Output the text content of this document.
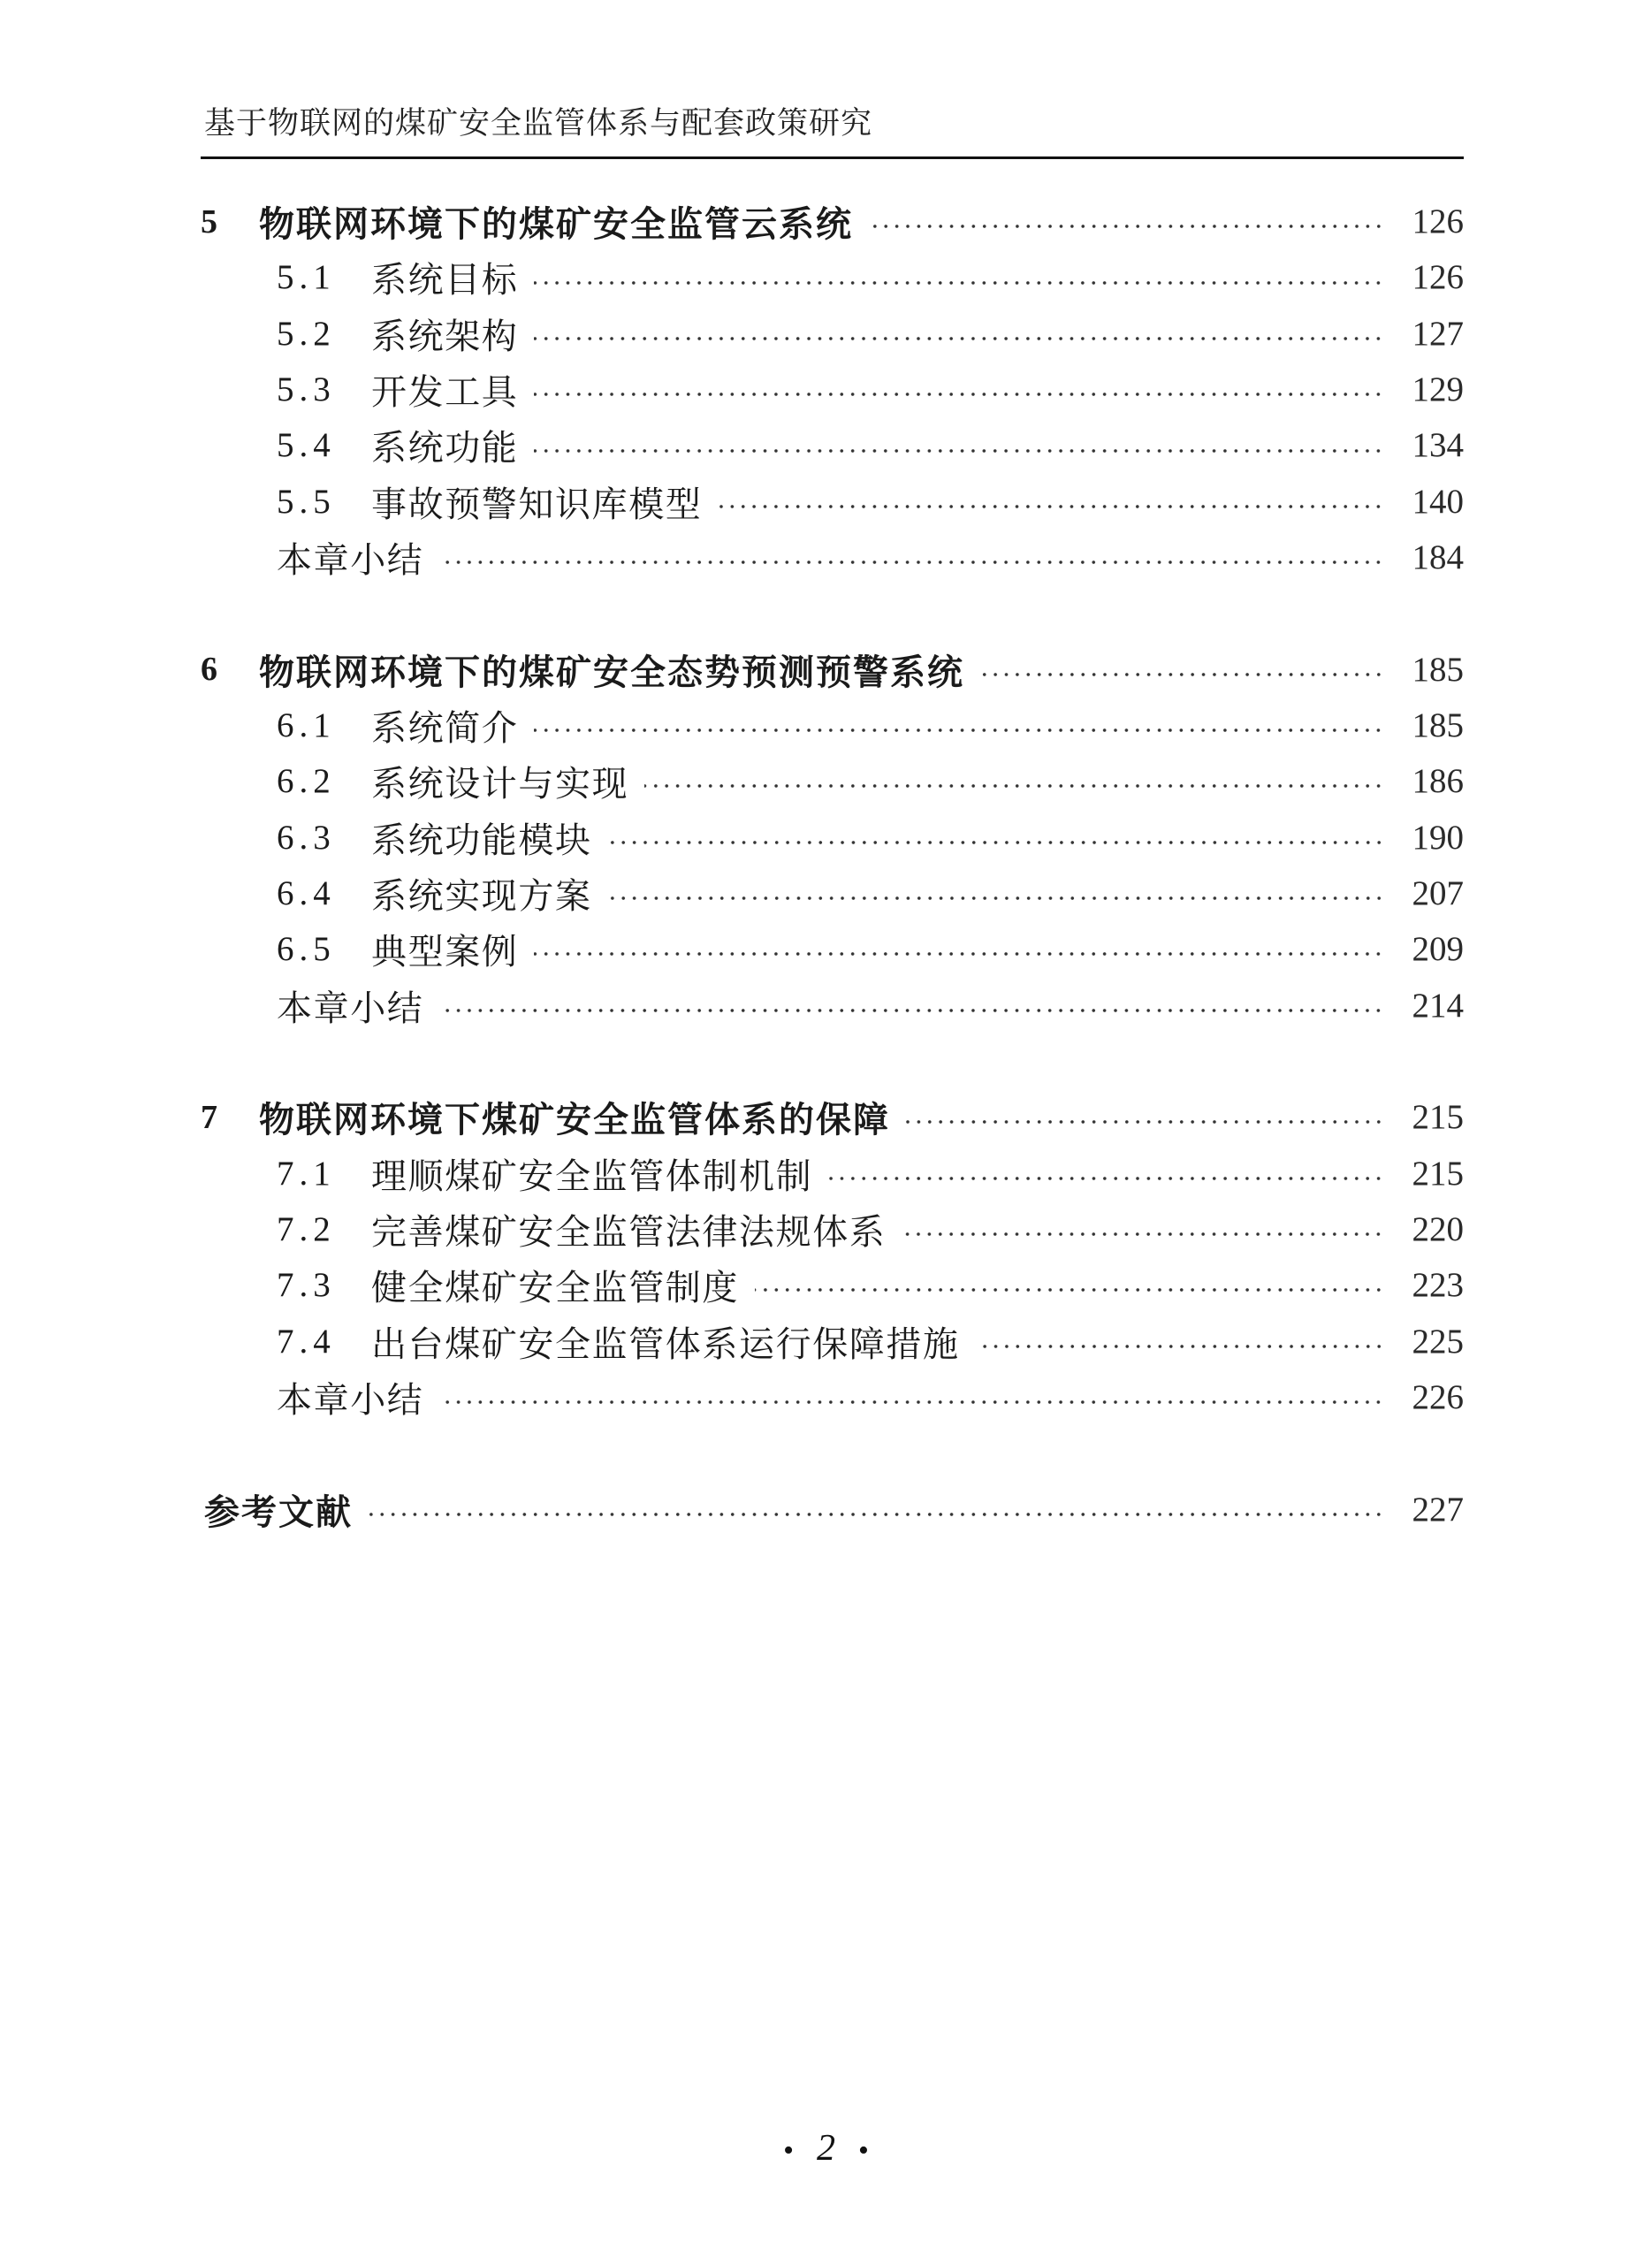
基于物联网的煤矿安全监管体系与配套政策研究
5	物联网环境下的煤矿安全监管云系统	126
5.1	系统目标	126
5.2	系统架构	127
5.3	开发工具	129
5.4	系统功能	134
5.5	事故预警知识库模型	140
本章小结	184
6	物联网环境下的煤矿安全态势预测预警系统	185
6.1	系统简介	185
6.2	系统设计与实现	186
6.3	系统功能模块	190
6.4	系统实现方案	207
6.5	典型案例	209
本章小结	214
7	物联网环境下煤矿安全监管体系的保障	215
7.1	理顺煤矿安全监管体制机制	215
7.2	完善煤矿安全监管法律法规体系	220
7.3	健全煤矿安全监管制度	223
7.4	出台煤矿安全监管体系运行保障措施	225
本章小结	226
参考文献	227
• 2 •
